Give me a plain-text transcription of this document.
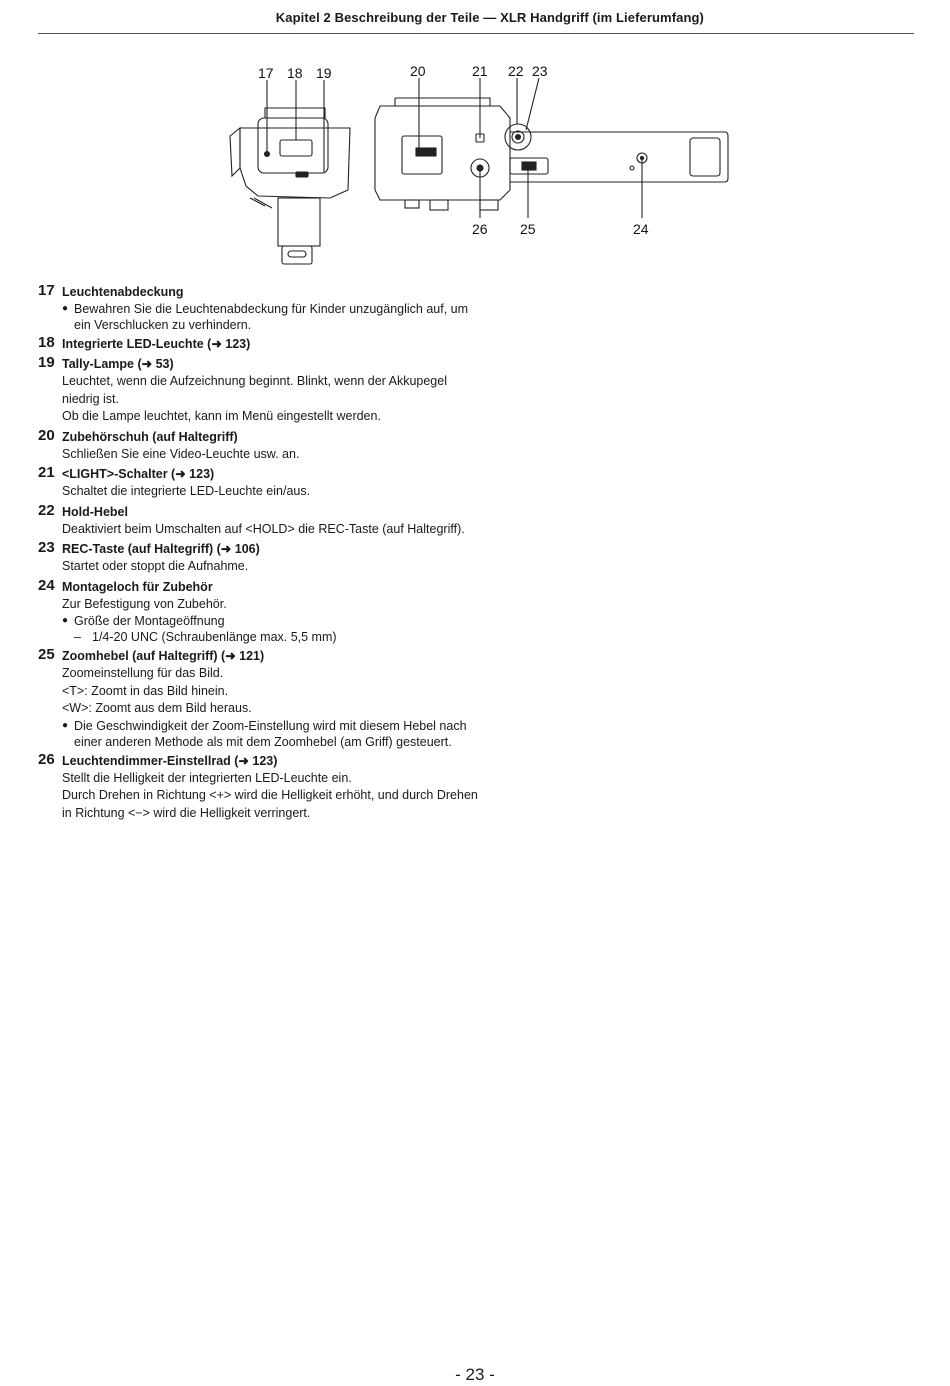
Kapitel 2 Beschreibung der Teile — XLR Handgriff (im Lieferumfang)
17 18 19	20	21 22 23
24
25
26
17 Leuchtenabdeckung
● Bewahren Sie die Leuchtenabdeckung für Kinder unzugänglich auf, um ein Verschlucken zu verhindern.
18 Integrierte LED-Leuchte (➜ 123)
19 Tally-Lampe (➜ 53)
Leuchtet, wenn die Aufzeichnung beginnt. Blinkt, wenn der Akkupegel niedrig ist.
Ob die Lampe leuchtet, kann im Menü eingestellt werden.
20 Zubehörschuh (auf Haltegriff)
Schließen Sie eine Video-Leuchte usw. an.
21 <LIGHT>-Schalter (➜ 123)
Schaltet die integrierte LED-Leuchte ein/aus.
22 Hold-Hebel
Deaktiviert beim Umschalten auf <HOLD> die REC-Taste (auf Haltegriff).
23 REC-Taste (auf Haltegriff) (➜ 106)
Startet oder stoppt die Aufnahme.
24 Montageloch für Zubehör
Zur Befestigung von Zubehör.
● Größe der Montageöffnung
– 1/4-20 UNC (Schraubenlänge max. 5,5 mm)
25 Zoomhebel (auf Haltegriff) (➜ 121)
Zoomeinstellung für das Bild.
<T>: Zoomt in das Bild hinein.
<W>: Zoomt aus dem Bild heraus.
● Die Geschwindigkeit der Zoom-Einstellung wird mit diesem Hebel nach einer anderen Methode als mit dem Zoomhebel (am Griff) gesteuert.
26 Leuchtendimmer-Einstellrad (➜ 123)
Stellt die Helligkeit der integrierten LED-Leuchte ein.
Durch Drehen in Richtung <+> wird die Helligkeit erhöht, und durch Drehen in Richtung <−> wird die Helligkeit verringert.
- 23 -
